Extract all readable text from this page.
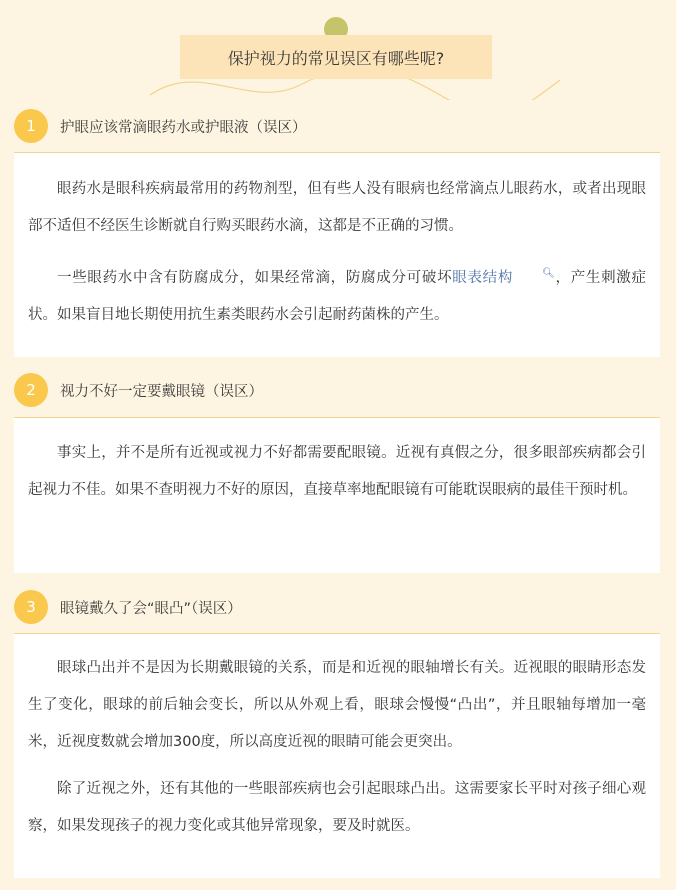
保护视力的常见误区有哪些呢?
1	护眼应该常滴眼药水或护眼液（误区）

眼药水是眼科疾病最常用的药物剂型，但有些人没有眼病也经常滴点儿眼药水，或者出现眼部不适但不经医生诊断就自行购买眼药水滴，这都是不正确的习惯。

一些眼药水中含有防腐成分，如果经常滴，防腐成分可破坏眼表结构	🔍︎，产生刺激症状。如果盲目地长期使用抗生素类眼药水会引起耐药菌株的产生。

2	视力不好一定要戴眼镜（误区）

事实上，并不是所有近视或视力不好都需要配眼镜。近视有真假之分，很多眼部疾病都会引起视力不佳。如果不查明视力不好的原因，直接草率地配眼镜有可能耽误眼病的最佳干预时机。

3	眼镜戴久了会“眼凸”（误区）

眼球凸出并不是因为长期戴眼镜的关系，而是和近视的眼轴增长有关。近视眼的眼睛形态发生了变化，眼球的前后轴会变长，所以从外观上看，眼球会慢慢“凸出”，并且眼轴每增加一毫米，近视度数就会增加300度，所以高度近视的眼睛可能会更突出。

除了近视之外，还有其他的一些眼部疾病也会引起眼球凸出。这需要家长平时对孩子细心观察，如果发现孩子的视力变化或其他异常现象，要及时就医。
